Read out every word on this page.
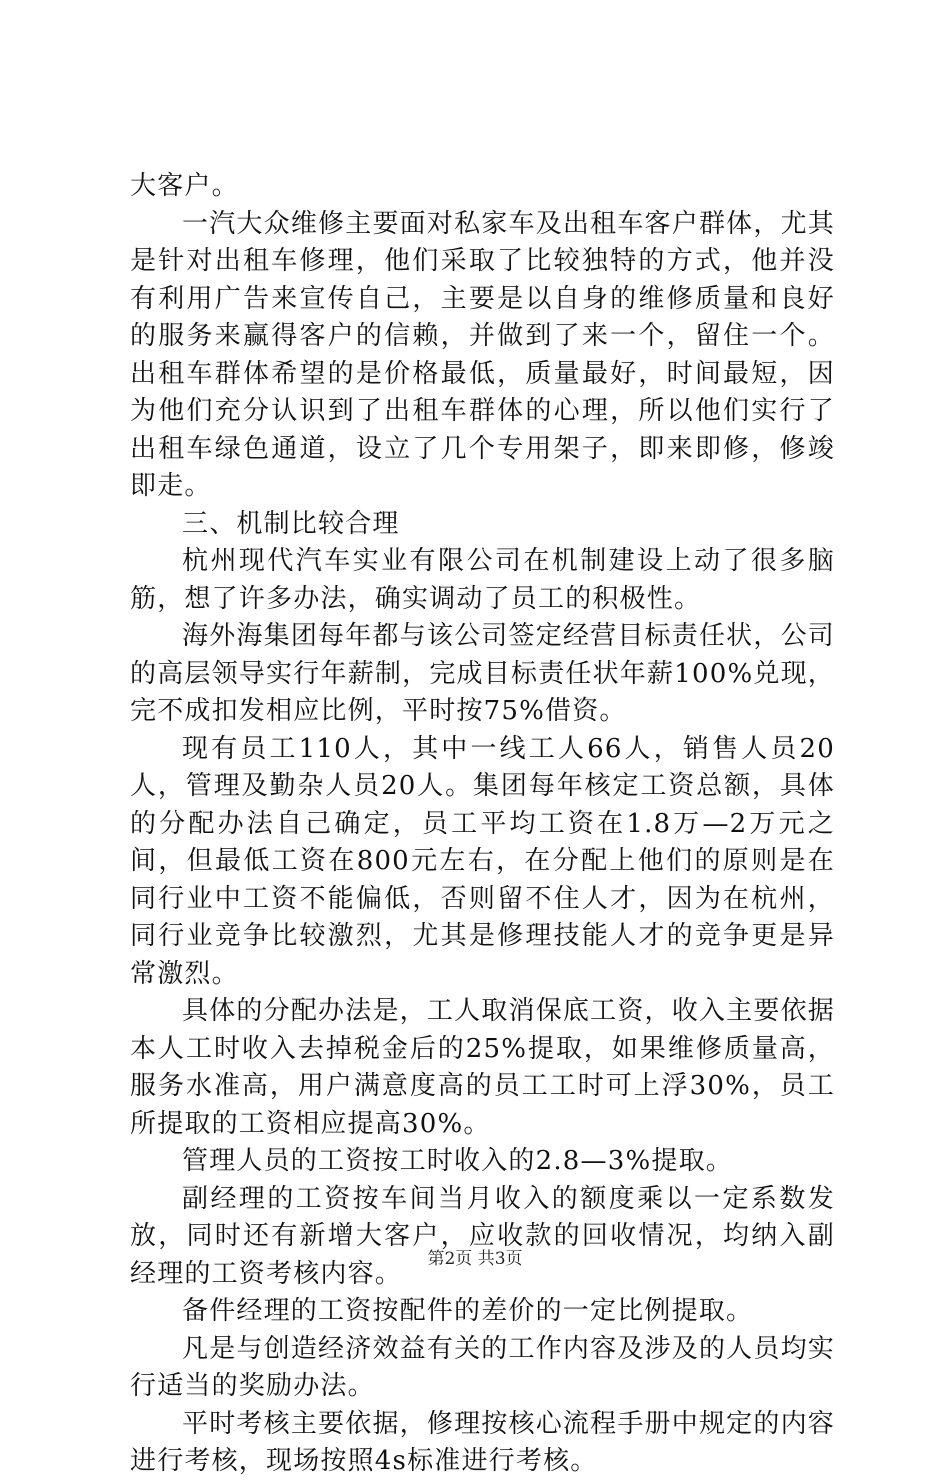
大客户。

一汽大众维修主要面对私家车及出租车客户群体，尤其是针对出租车修理，他们采取了比较独特的方式，他并没有利用广告来宣传自己，主要是以自身的维修质量和良好的服务来赢得客户的信赖，并做到了来一个，留住一个。出租车群体希望的是价格最低，质量最好，时间最短，因为他们充分认识到了出租车群体的心理，所以他们实行了出租车绿色通道，设立了几个专用架子，即来即修，修竣即走。

三、机制比较合理

杭州现代汽车实业有限公司在机制建设上动了很多脑筋，想了许多办法，确实调动了员工的积极性。

海外海集团每年都与该公司签定经营目标责任状，公司的高层领导实行年薪制，完成目标责任状年薪100%兑现，完不成扣发相应比例，平时按75%借资。

现有员工110人，其中一线工人66人，销售人员20人，管理及勤杂人员20人。集团每年核定工资总额，具体的分配办法自己确定，员工平均工资在1.8万—2万元之间，但最低工资在800元左右，在分配上他们的原则是在同行业中工资不能偏低，否则留不住人才，因为在杭州，同行业竞争比较激烈，尤其是修理技能人才的竞争更是异常激烈。

具体的分配办法是，工人取消保底工资，收入主要依据本人工时收入去掉税金后的25%提取，如果维修质量高，服务水准高，用户满意度高的员工工时可上浮30%，员工所提取的工资相应提高30%。

管理人员的工资按工时收入的2.8—3%提取。

副经理的工资按车间当月收入的额度乘以一定系数发放，同时还有新增大客户，应收款的回收情况，均纳入副经理的工资考核内容。

备件经理的工资按配件的差价的一定比例提取。

凡是与创造经济效益有关的工作内容及涉及的人员均实行适当的奖励办法。

平时考核主要依据，修理按核心流程手册中规定的内容进行考核，现场按照4s标准进行考核。

第2页 共3页
